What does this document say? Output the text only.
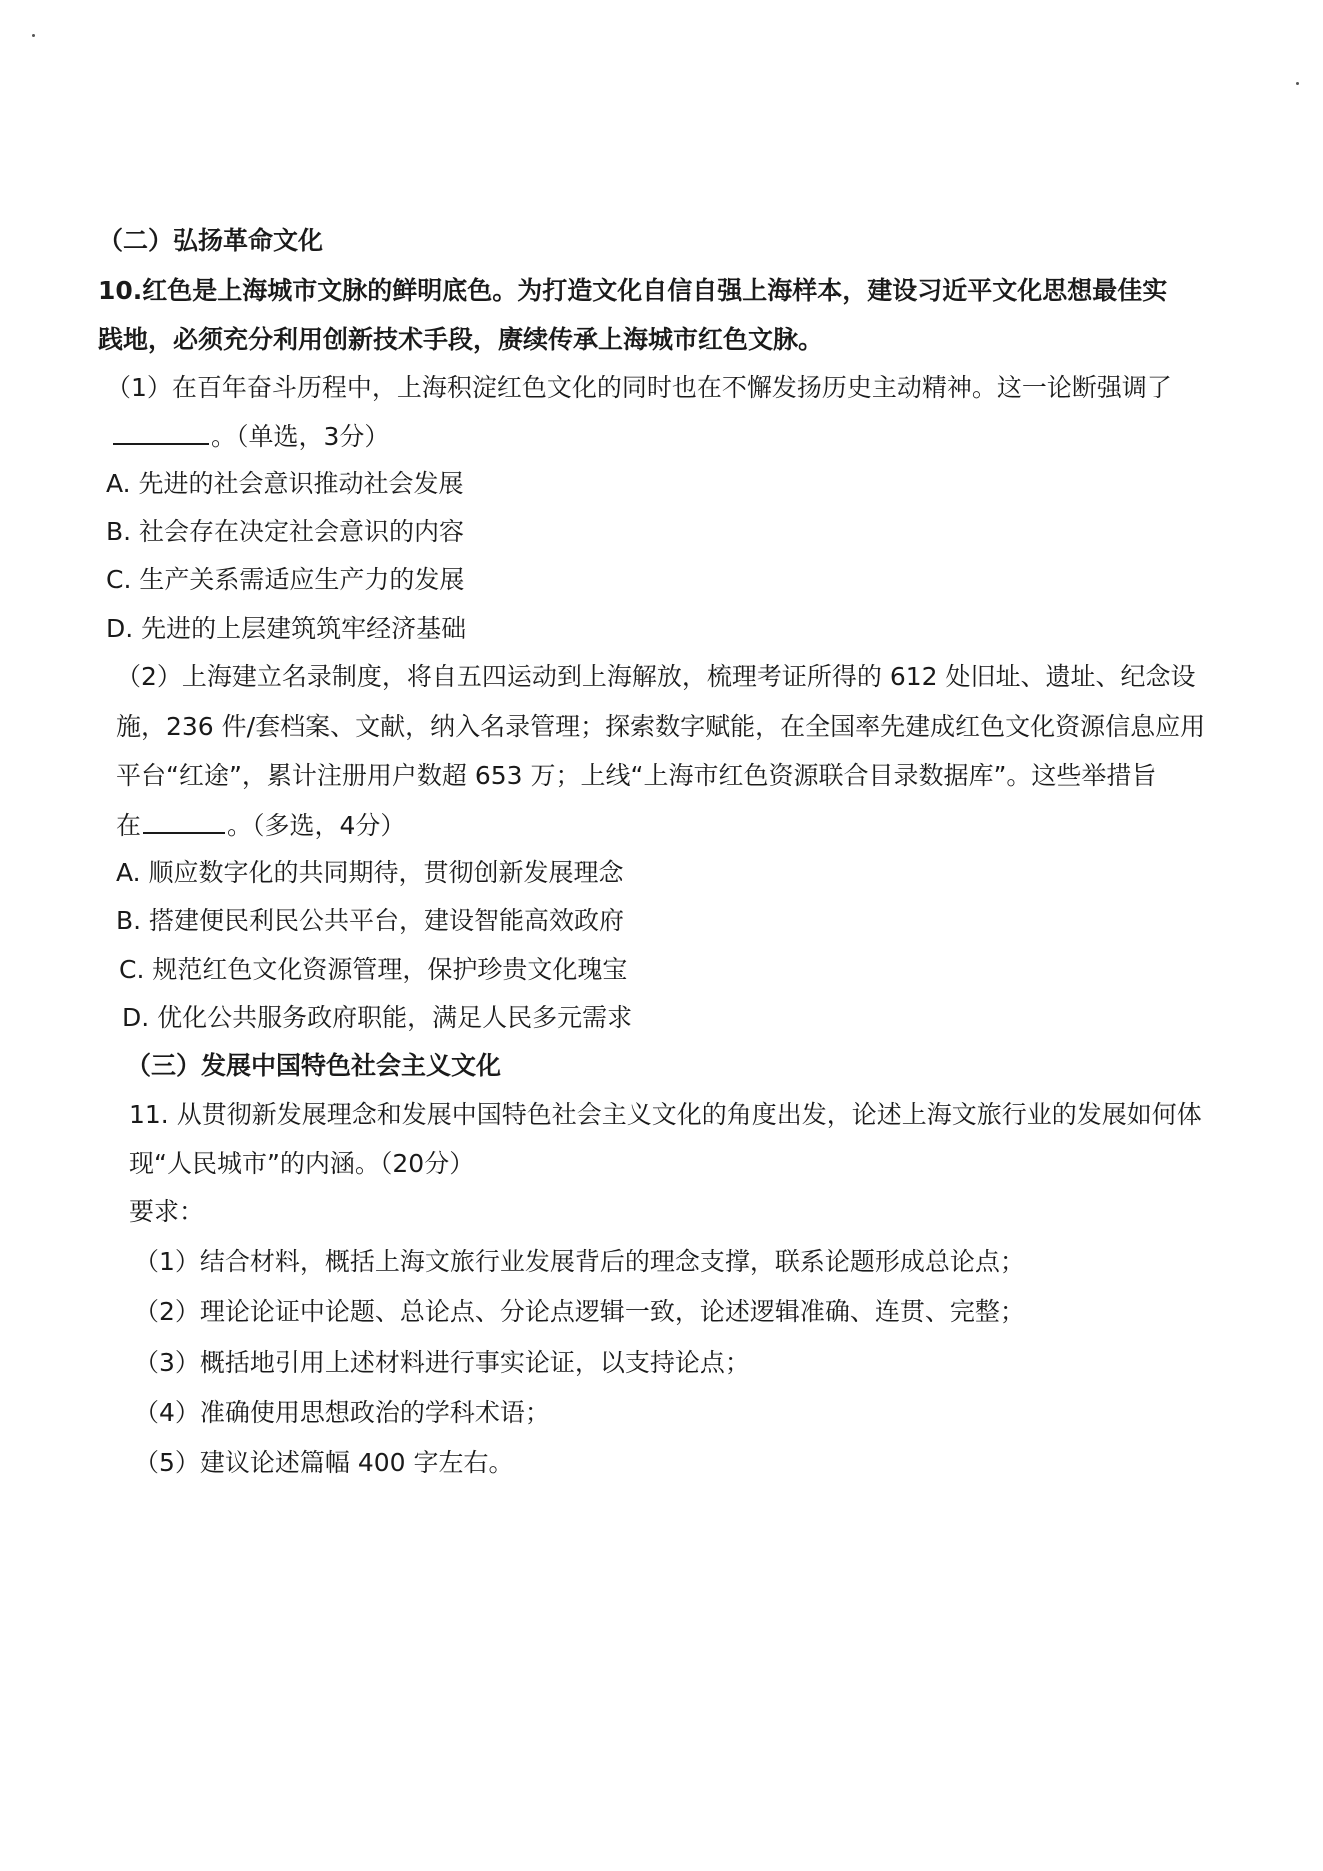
（二）弘扬革命文化
10.红色是上海城市文脉的鲜明底色。为打造文化自信自强上海样本，建设习近平文化思想最佳实
践地，必须充分利用创新技术手段，赓续传承上海城市红色文脉。
（1）在百年奋斗历程中，上海积淀红色文化的同时也在不懈发扬历史主动精神。这一论断强调了
。（单选，3分）
A. 先进的社会意识推动社会发展
B. 社会存在决定社会意识的内容
C. 生产关系需适应生产力的发展
D. 先进的上层建筑筑牢经济基础
（2）上海建立名录制度，将自五四运动到上海解放，梳理考证所得的 612 处旧址、遗址、纪念设
施，236 件/套档案、文献，纳入名录管理；探索数字赋能，在全国率先建成红色文化资源信息应用
平台“红途”，累计注册用户数超 653 万；上线“上海市红色资源联合目录数据库”。这些举措旨
在	。（多选，4分）
A. 顺应数字化的共同期待，贯彻创新发展理念
B. 搭建便民利民公共平台，建设智能高效政府
C. 规范红色文化资源管理，保护珍贵文化瑰宝
D. 优化公共服务政府职能，满足人民多元需求
（三）发展中国特色社会主义文化
11. 从贯彻新发展理念和发展中国特色社会主义文化的角度出发，论述上海文旅行业的发展如何体
现“人民城市”的内涵。（20分）
要求：
（1）结合材料，概括上海文旅行业发展背后的理念支撑，联系论题形成总论点；
（2）理论论证中论题、总论点、分论点逻辑一致，论述逻辑准确、连贯、完整；
（3）概括地引用上述材料进行事实论证，以支持论点；
（4）准确使用思想政治的学科术语；
（5）建议论述篇幅 400 字左右。
